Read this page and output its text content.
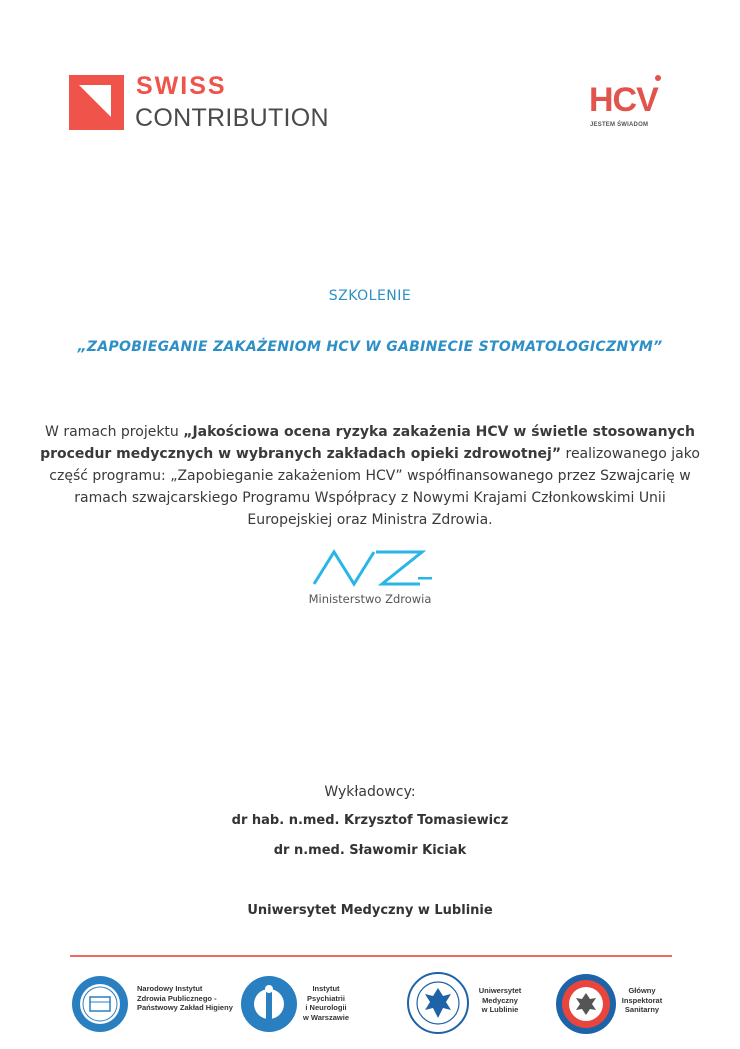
SWISS
CONTRIBUTION	HCV
JESTEM ŚWIADOM
SZKOLENIE
„ZAPOBIEGANIE ZAKAŻENIOM HCV W GABINECIE STOMATOLOGICZNYM”
W ramach projektu „Jakościowa ocena ryzyka zakażenia HCV w świetle stosowanych procedur medycznych w wybranych zakładach opieki zdrowotnej” realizowanego jako część programu: „Zapobieganie zakażeniom HCV” współfinansowanego przez Szwajcarię w ramach szwajcarskiego Programu Współpracy z Nowymi Krajami Członkowskimi Unii Europejskiej oraz Ministra Zdrowia.
Ministerstwo Zdrowia
Wykładowcy:
dr hab. n.med. Krzysztof Tomasiewicz
dr n.med. Sławomir Kiciak
Uniwersytet Medyczny w Lublinie
Narodowy Instytut
Zdrowia Publicznego -
Państwowy Zakład Higieny
Instytut
Psychiatrii
i Neurologii
w Warszawie
Uniwersytet
Medyczny
w Lublinie
Główny
Inspektorat
Sanitarny
